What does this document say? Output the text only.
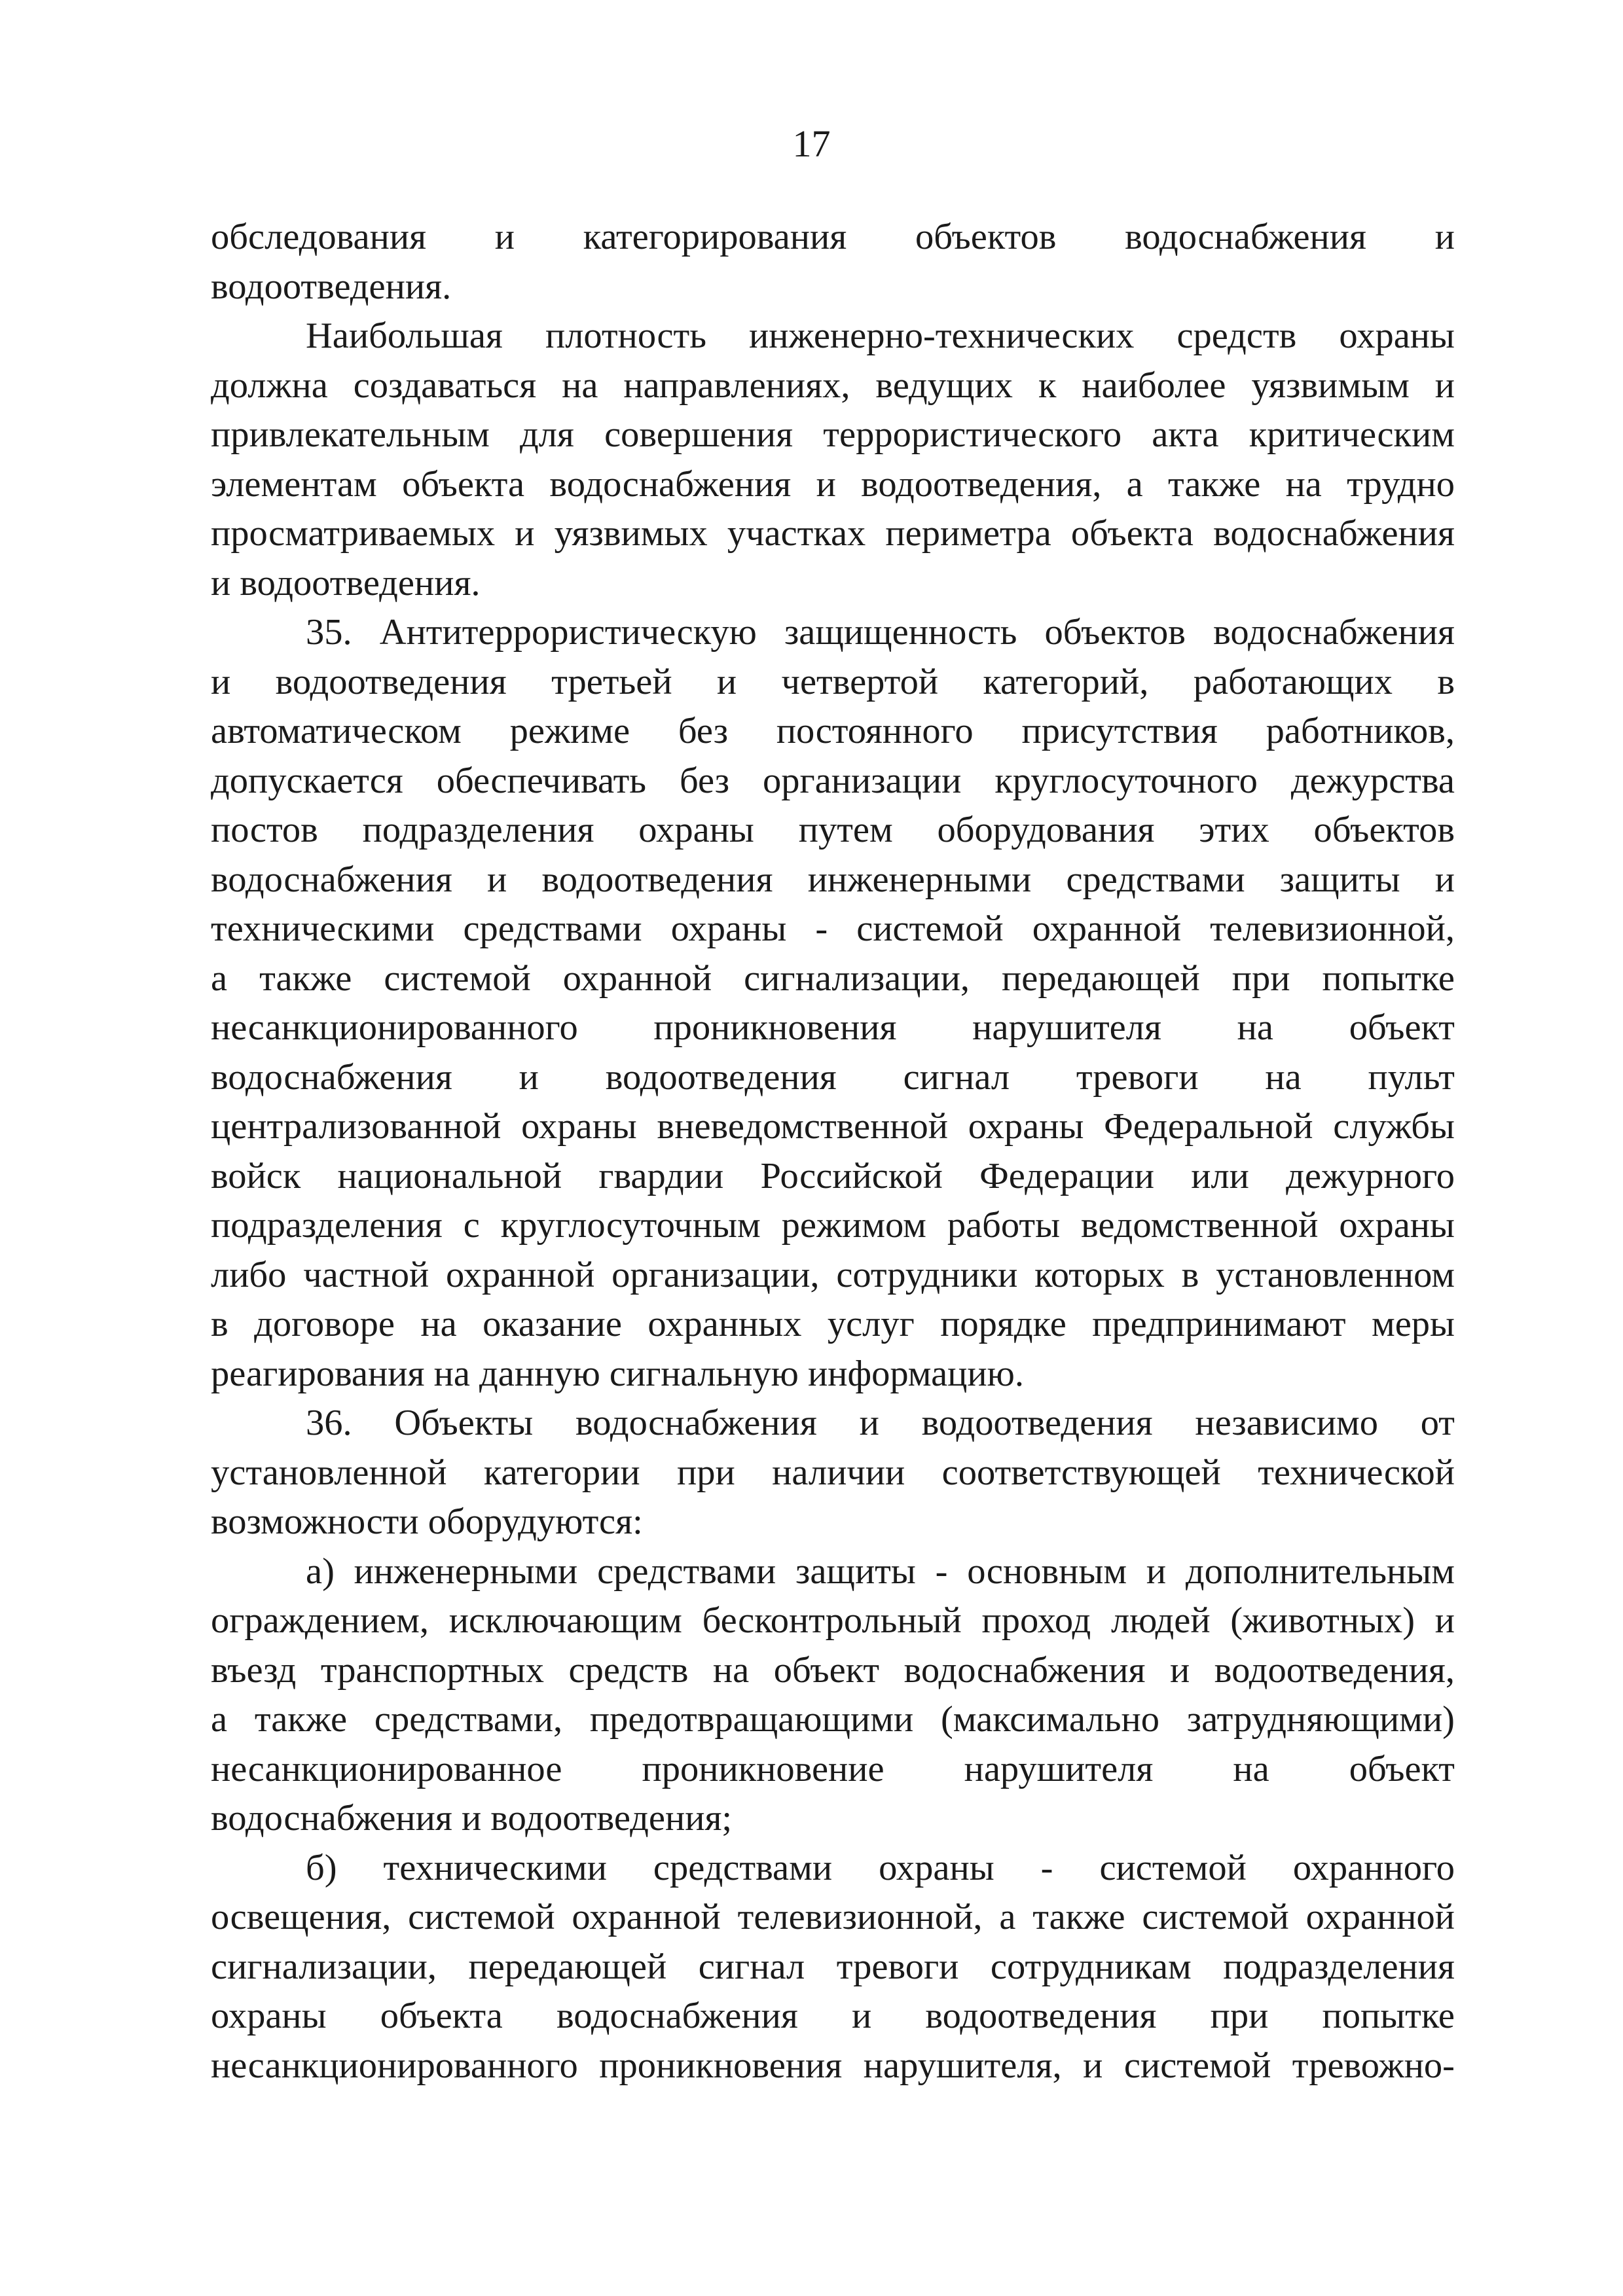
17
обследования и категорирования объектов водоснабжения и
водоотведения.
Наибольшая плотность инженерно-технических средств охраны
должна создаваться на направлениях, ведущих к наиболее уязвимым и
привлекательным для совершения террористического акта критическим
элементам объекта водоснабжения и водоотведения, а также на трудно
просматриваемых и уязвимых участках периметра объекта водоснабжения
и водоотведения.
35. Антитеррористическую защищенность объектов водоснабжения
и водоотведения третьей и четвертой категорий, работающих в
автоматическом режиме без постоянного присутствия работников,
допускается обеспечивать без организации круглосуточного дежурства
постов подразделения охраны путем оборудования этих объектов
водоснабжения и водоотведения инженерными средствами защиты и
техническими средствами охраны - системой охранной телевизионной,
а также системой охранной сигнализации, передающей при попытке
несанкционированного проникновения нарушителя на объект
водоснабжения и водоотведения сигнал тревоги на пульт
централизованной охраны вневедомственной охраны Федеральной службы
войск национальной гвардии Российской Федерации или дежурного
подразделения с круглосуточным режимом работы ведомственной охраны
либо частной охранной организации, сотрудники которых в установленном
в договоре на оказание охранных услуг порядке предпринимают меры
реагирования на данную сигнальную информацию.
36. Объекты водоснабжения и водоотведения независимо от
установленной категории при наличии соответствующей технической
возможности оборудуются:
а) инженерными средствами защиты - основным и дополнительным
ограждением, исключающим бесконтрольный проход людей (животных) и
въезд транспортных средств на объект водоснабжения и водоотведения,
а также средствами, предотвращающими (максимально затрудняющими)
несанкционированное проникновение нарушителя на объект
водоснабжения и водоотведения;
б) техническими средствами охраны - системой охранного
освещения, системой охранной телевизионной, а также системой охранной
сигнализации, передающей сигнал тревоги сотрудникам подразделения
охраны объекта водоснабжения и водоотведения при попытке
несанкционированного проникновения нарушителя, и системой тревожно-
